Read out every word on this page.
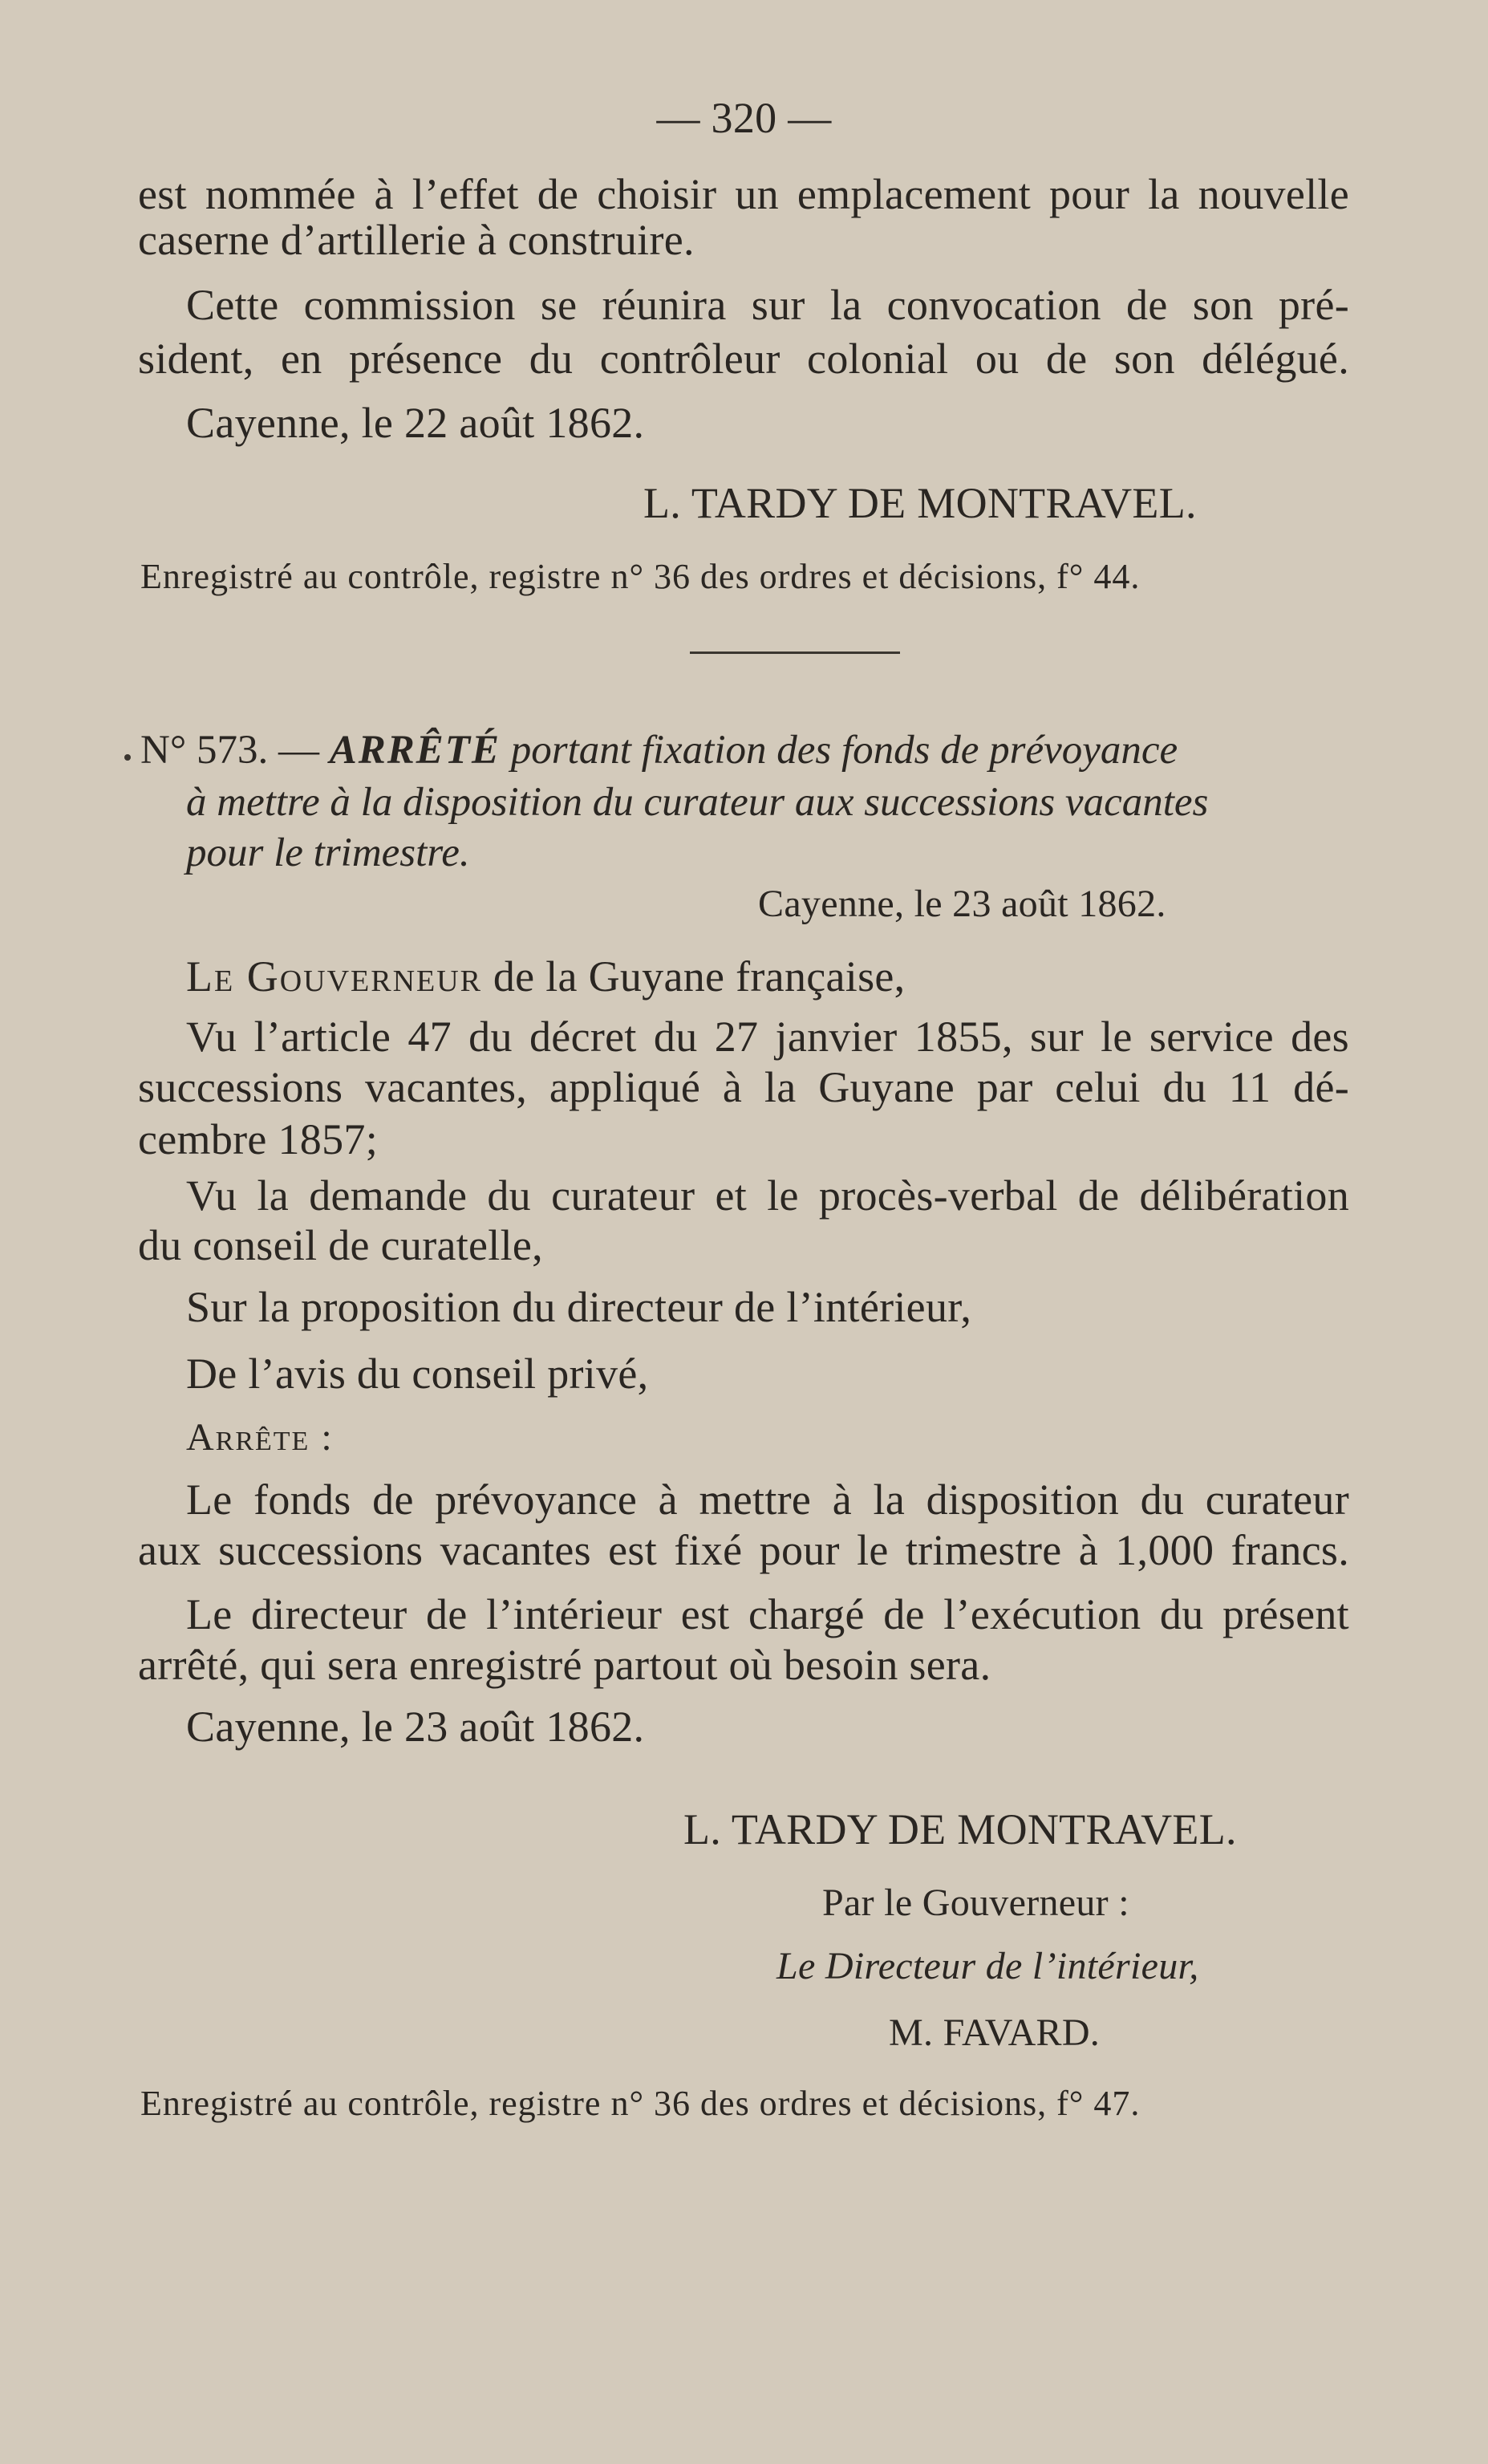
— 320 —

est nommée à l’effet de choisir un emplacement pour la nouvelle

caserne d’artillerie à construire.

Cette commission se réunira sur la convocation de son pré-

sident, en présence du contrôleur colonial ou de son délégué.

Cayenne, le 22 août 1862.

L. TARDY DE MONTRAVEL.

Enregistré au contrôle, registre n° 36 des ordres et décisions, f° 44.

N° 573. — ARRÊTÉ portant fixation des fonds de prévoyance

à mettre à la disposition du curateur aux successions vacantes

pour le trimestre.

Cayenne, le 23 août 1862.

Le Gouverneur de la Guyane française,

Vu l’article 47 du décret du 27 janvier 1855, sur le service des

successions vacantes, appliqué à la Guyane par celui du 11 dé-

cembre 1857;

Vu la demande du curateur et le procès-verbal de délibération

du conseil de curatelle,

Sur la proposition du directeur de l’intérieur,

De l’avis du conseil privé,

Arrête :

Le fonds de prévoyance à mettre à la disposition du curateur

aux successions vacantes est fixé pour le trimestre à 1,000 francs.

Le directeur de l’intérieur est chargé de l’exécution du présent

arrêté, qui sera enregistré partout où besoin sera.

Cayenne, le 23 août 1862.

L. TARDY DE MONTRAVEL.

Par le Gouverneur :

Le Directeur de l’intérieur,

M. FAVARD.

Enregistré au contrôle, registre n° 36 des ordres et décisions, f° 47.
